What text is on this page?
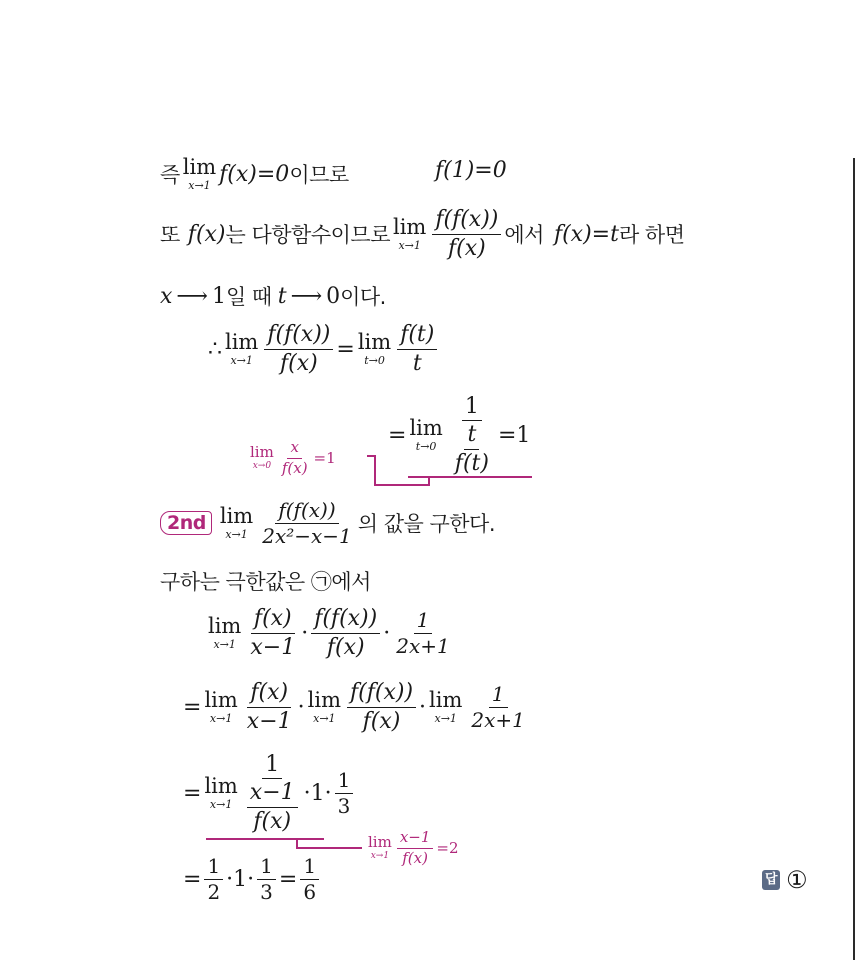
즉 lim
x→1 f(x)=0 이므로	f(1)=0
또 f(x) 는 다항함수이므로 lim
$x\to 1 \frac{f(f(x))}{f(x)}$ 에서 f(x)=t 라 하면
x ⟶ 1 일 때 t ⟶ 0 이다.
∴ lim
$x\to 1 \frac{f(f(x))}{f(x)} = \lim$
$t\to 0 \frac{f(t)}{t}$
= lim
$t\to 0 \frac{1}{\frac{t}{f(t)}} =1$
lim
$x\to 0 \frac{x}{f(x)} =1$
2nd lim
$x\to 1 \frac{f(f(x))}{\text{2x²−x−1}}$ 의 값을 구한다.
구하는 극한값은 ㉠에서
lim
$x\to 1 \frac{f(x)}{x-1} \cdot \frac{f(f(x))}{f(x)} \cdot \frac{1}{2x+1}$
= lim
$x\to 1 \frac{f(x)}{x-1} \cdot \lim$
$x\to 1 \frac{f(f(x))}{f(x)} \cdot \lim$
$x\to 1 \frac{1}{2x+1}$
= lim
$x\to 1 \frac{1}{\frac{x-1}{f(x)}} \cdot 1\cdot \frac{1}{3}$
lim
$x\to 1 \frac{x-1}{f(x)} =2$
= $\frac{1}{2} \cdot 1\cdot \frac{1}{3} = \frac{1}{6}$	답 ①
